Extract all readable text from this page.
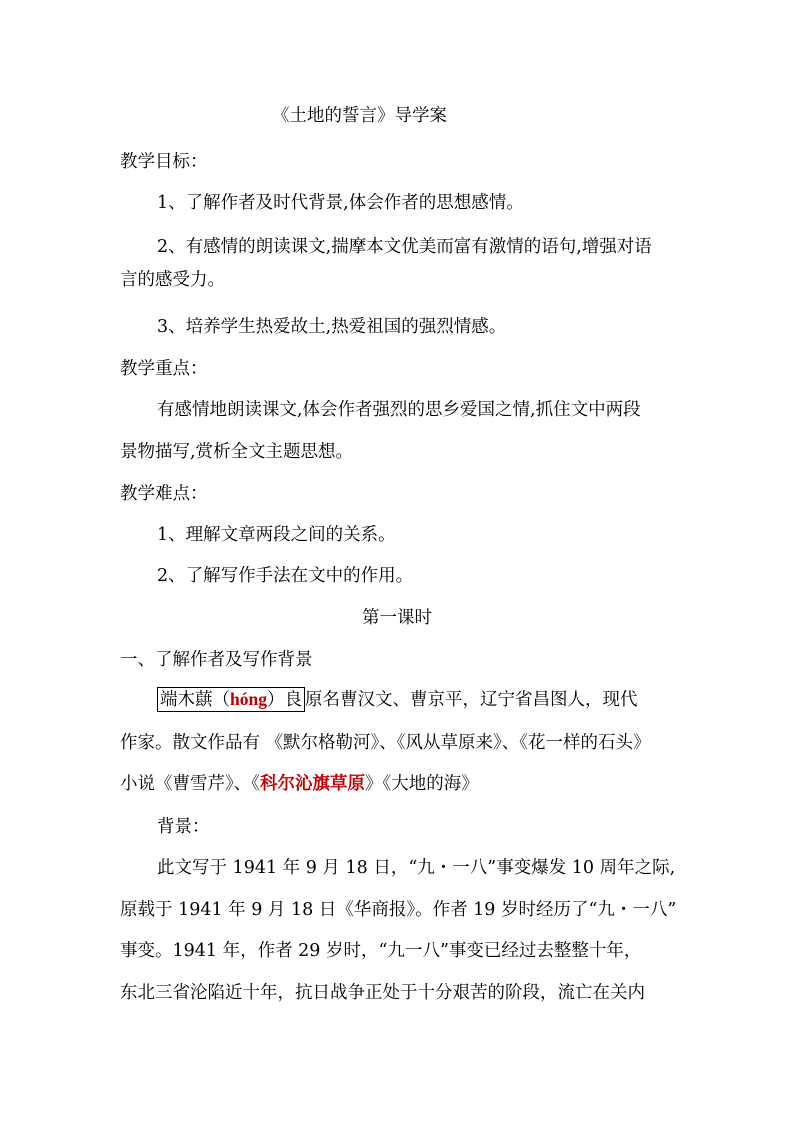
《土地的誓言》导学案
教学目标：
1、了解作者及时代背景,体会作者的思想感情。
2、有感情的朗读课文,揣摩本文优美而富有激情的语句,增强对语
言的感受力。
3、培养学生热爱故土,热爱祖国的强烈情感。
教学重点：
有感情地朗读课文,体会作者强烈的思乡爱国之情,抓住文中两段
景物描写,赏析全文主题思想。
教学难点：
1、理解文章两段之间的关系。
2、了解写作手法在文中的作用。
第一课时
一、了解作者及写作背景
端木蕻（hóng）良 原名曹汉文、曹京平，辽宁省昌图人，现代
作家。散文作品有 《默尔格勒河》、《风从草原来》、《花一样的石头》
小说《曹雪芹》、《科尔沁旗草原》《大地的海》
背景：
此文写于 1941 年 9 月 18 日，“九・一八”事变爆发 10 周年之际,
原载于 1941 年 9 月 18 日《华商报》。作者 19 岁时经历了“九・一八”
事变。1941 年，作者 29 岁时，“九一八”事变已经过去整整十年，
东北三省沦陷近十年，抗日战争正处于十分艰苦的阶段，流亡在关内
